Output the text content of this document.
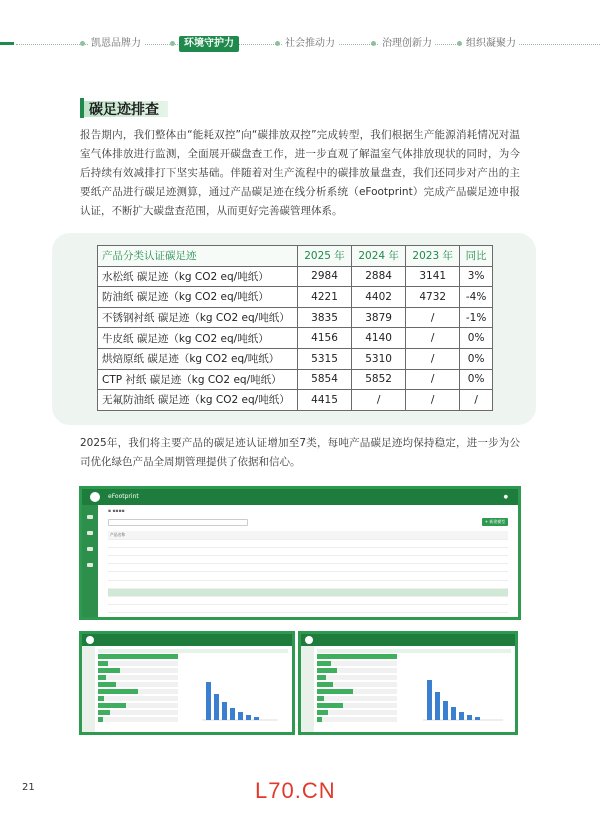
凯恩品牌力	环境守护力	社会推动力	治理创新力	组织凝聚力
碳足迹排查

报告期内，我们整体由“能耗双控”向“碳排放双控”完成转型，我们根据生产能源消耗情况对温室气体排放进行监测，全面展开碳盘查工作，进一步直观了解温室气体排放现状的同时，为今后持续有效减排打下坚实基础。伴随着对生产流程中的碳排放量盘查，我们还同步对产出的主要纸产品进行碳足迹测算，通过产品碳足迹在线分析系统（eFootprint）完成产品碳足迹申报认证，不断扩大碳盘查范围，从而更好完善碳管理体系。

产品分类认证碳足迹	2025 年	2024 年	2023 年	同比
水松纸 碳足迹（kg CO2 eq/吨纸）	2984	2884	3141	3%
防油纸 碳足迹（kg CO2 eq/吨纸）	4221	4402	4732	-4%
不锈钢衬纸 碳足迹（kg CO2 eq/吨纸）	3835	3879	/	-1%
牛皮纸 碳足迹（kg CO2 eq/吨纸）	4156	4140	/	0%
烘焙原纸 碳足迹（kg CO2 eq/吨纸）	5315	5310	/	0%
CTP 衬纸 碳足迹（kg CO2 eq/吨纸）	5854	5852	/	0%
无氟防油纸 碳足迹（kg CO2 eq/吨纸）	4415	/	/	/

2025年，我们将主要产品的碳足迹认证增加至7类，每吨产品碳足迹均保持稳定，进一步为公司优化绿色产品全周期管理提供了依据和信心。

eFootprint	●
▪ ▪▪▪▪
+ 新建模型
产品名称					

21	L70.CN
